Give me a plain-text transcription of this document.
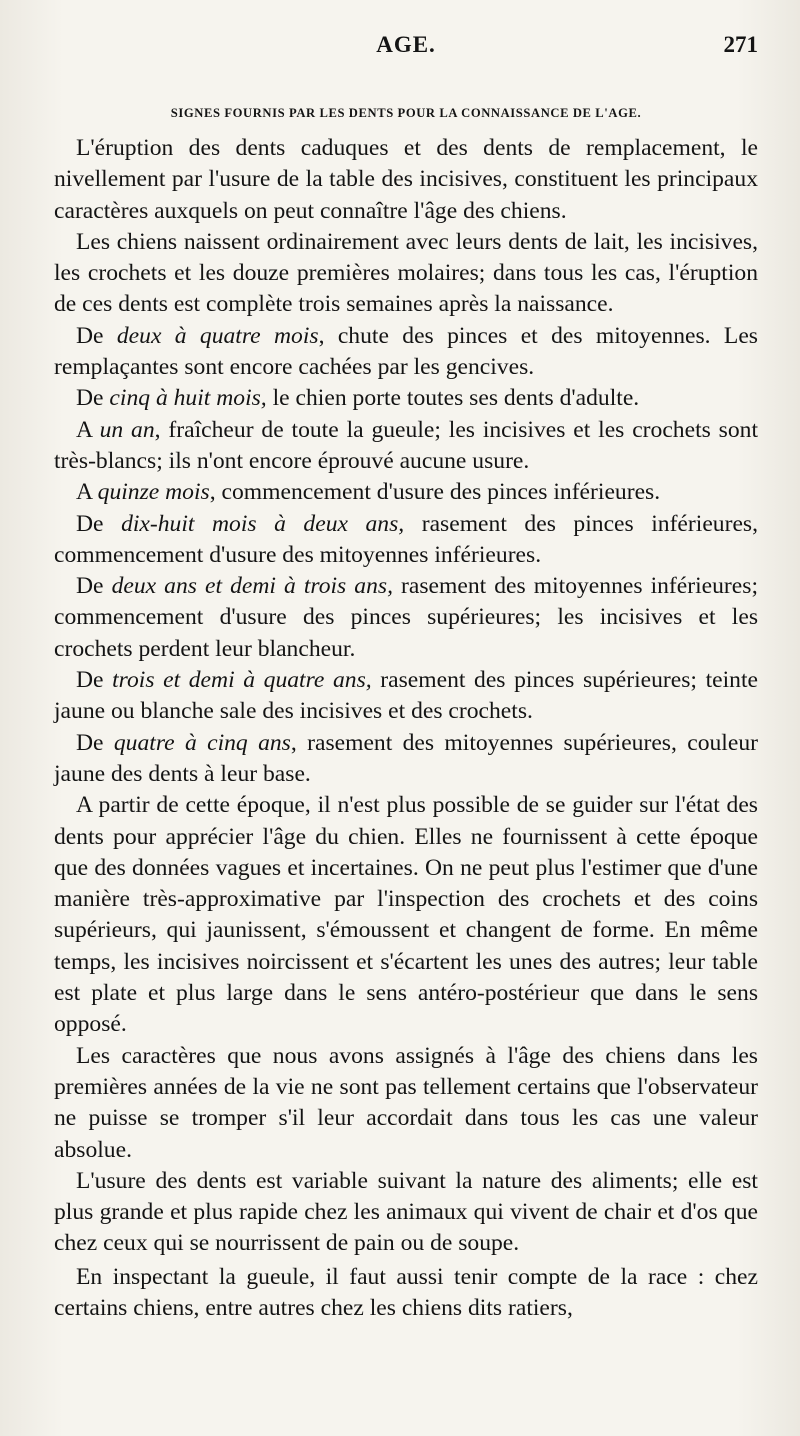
AGE.	271
SIGNES FOURNIS PAR LES DENTS POUR LA CONNAISSANCE DE L'AGE.

L'éruption des dents caduques et des dents de remplacement, le nivellement par l'usure de la table des incisives, constituent les principaux caractères auxquels on peut connaître l'âge des chiens.

Les chiens naissent ordinairement avec leurs dents de lait, les incisives, les crochets et les douze premières molaires; dans tous les cas, l'éruption de ces dents est complète trois semaines après la naissance.

De deux à quatre mois, chute des pinces et des mitoyennes. Les remplaçantes sont encore cachées par les gencives.

De cinq à huit mois, le chien porte toutes ses dents d'adulte.

A un an, fraîcheur de toute la gueule; les incisives et les crochets sont très-blancs; ils n'ont encore éprouvé aucune usure.

A quinze mois, commencement d'usure des pinces inférieures.

De dix-huit mois à deux ans, rasement des pinces inférieures, commencement d'usure des mitoyennes inférieures.

De deux ans et demi à trois ans, rasement des mitoyennes inférieures; commencement d'usure des pinces supérieures; les incisives et les crochets perdent leur blancheur.

De trois et demi à quatre ans, rasement des pinces supérieures; teinte jaune ou blanche sale des incisives et des crochets.

De quatre à cinq ans, rasement des mitoyennes supérieures, couleur jaune des dents à leur base.

A partir de cette époque, il n'est plus possible de se guider sur l'état des dents pour apprécier l'âge du chien. Elles ne fournissent à cette époque que des données vagues et incertaines. On ne peut plus l'estimer que d'une manière très-approximative par l'inspection des crochets et des coins supérieurs, qui jaunissent, s'émoussent et changent de forme. En même temps, les incisives noircissent et s'écartent les unes des autres; leur table est plate et plus large dans le sens antéro-postérieur que dans le sens opposé.

Les caractères que nous avons assignés à l'âge des chiens dans les premières années de la vie ne sont pas tellement certains que l'observateur ne puisse se tromper s'il leur accordait dans tous les cas une valeur absolue.

L'usure des dents est variable suivant la nature des aliments; elle est plus grande et plus rapide chez les animaux qui vivent de chair et d'os que chez ceux qui se nourrissent de pain ou de soupe.

En inspectant la gueule, il faut aussi tenir compte de la race : chez certains chiens, entre autres chez les chiens dits ratiers,
